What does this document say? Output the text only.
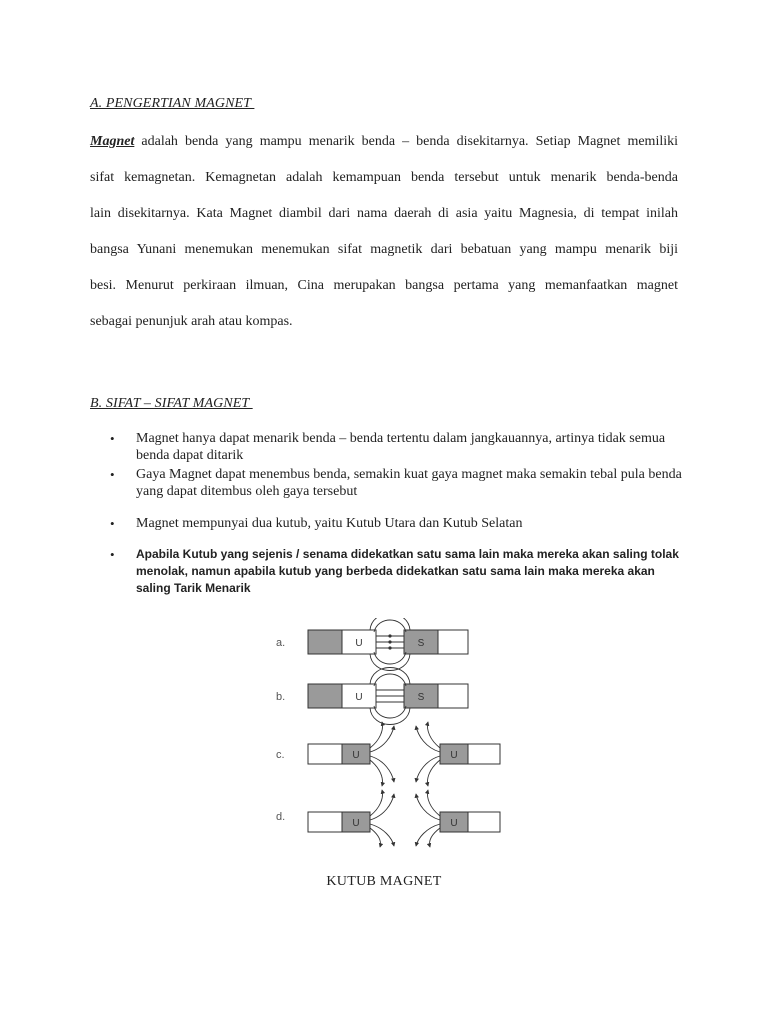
A. PENGERTIAN MAGNET

Magnet adalah benda yang mampu menarik benda – benda disekitarnya. Setiap Magnet memiliki
sifat kemagnetan. Kemagnetan adalah kemampuan benda tersebut untuk menarik benda-benda
lain disekitarnya. Kata Magnet diambil dari nama daerah di asia yaitu Magnesia, di tempat inilah
bangsa Yunani menemukan menemukan sifat magnetik dari bebatuan yang mampu menarik biji
besi. Menurut perkiraan ilmuan, Cina merupakan bangsa pertama yang memanfaatkan magnet
sebagai penunjuk arah atau kompas.

B. SIFAT – SIFAT MAGNET
• Magnet hanya dapat menarik benda – benda tertentu dalam jangkauannya, artinya tidak semua benda dapat ditarik
• Gaya Magnet dapat menembus benda, semakin kuat gaya magnet maka semakin tebal pula benda yang dapat ditembus oleh gaya tersebut
• Magnet mempunyai dua kutub, yaitu Kutub Utara dan Kutub Selatan
• Apabila Kutub yang sejenis / senama didekatkan satu sama lain maka mereka akan saling tolak menolak, namun apabila kutub yang berbeda didekatkan satu sama lain maka mereka akan saling Tarik Menarik
a.	U	S
b.	U	S
c.	U	U
d.
U	U
KUTUB MAGNET
